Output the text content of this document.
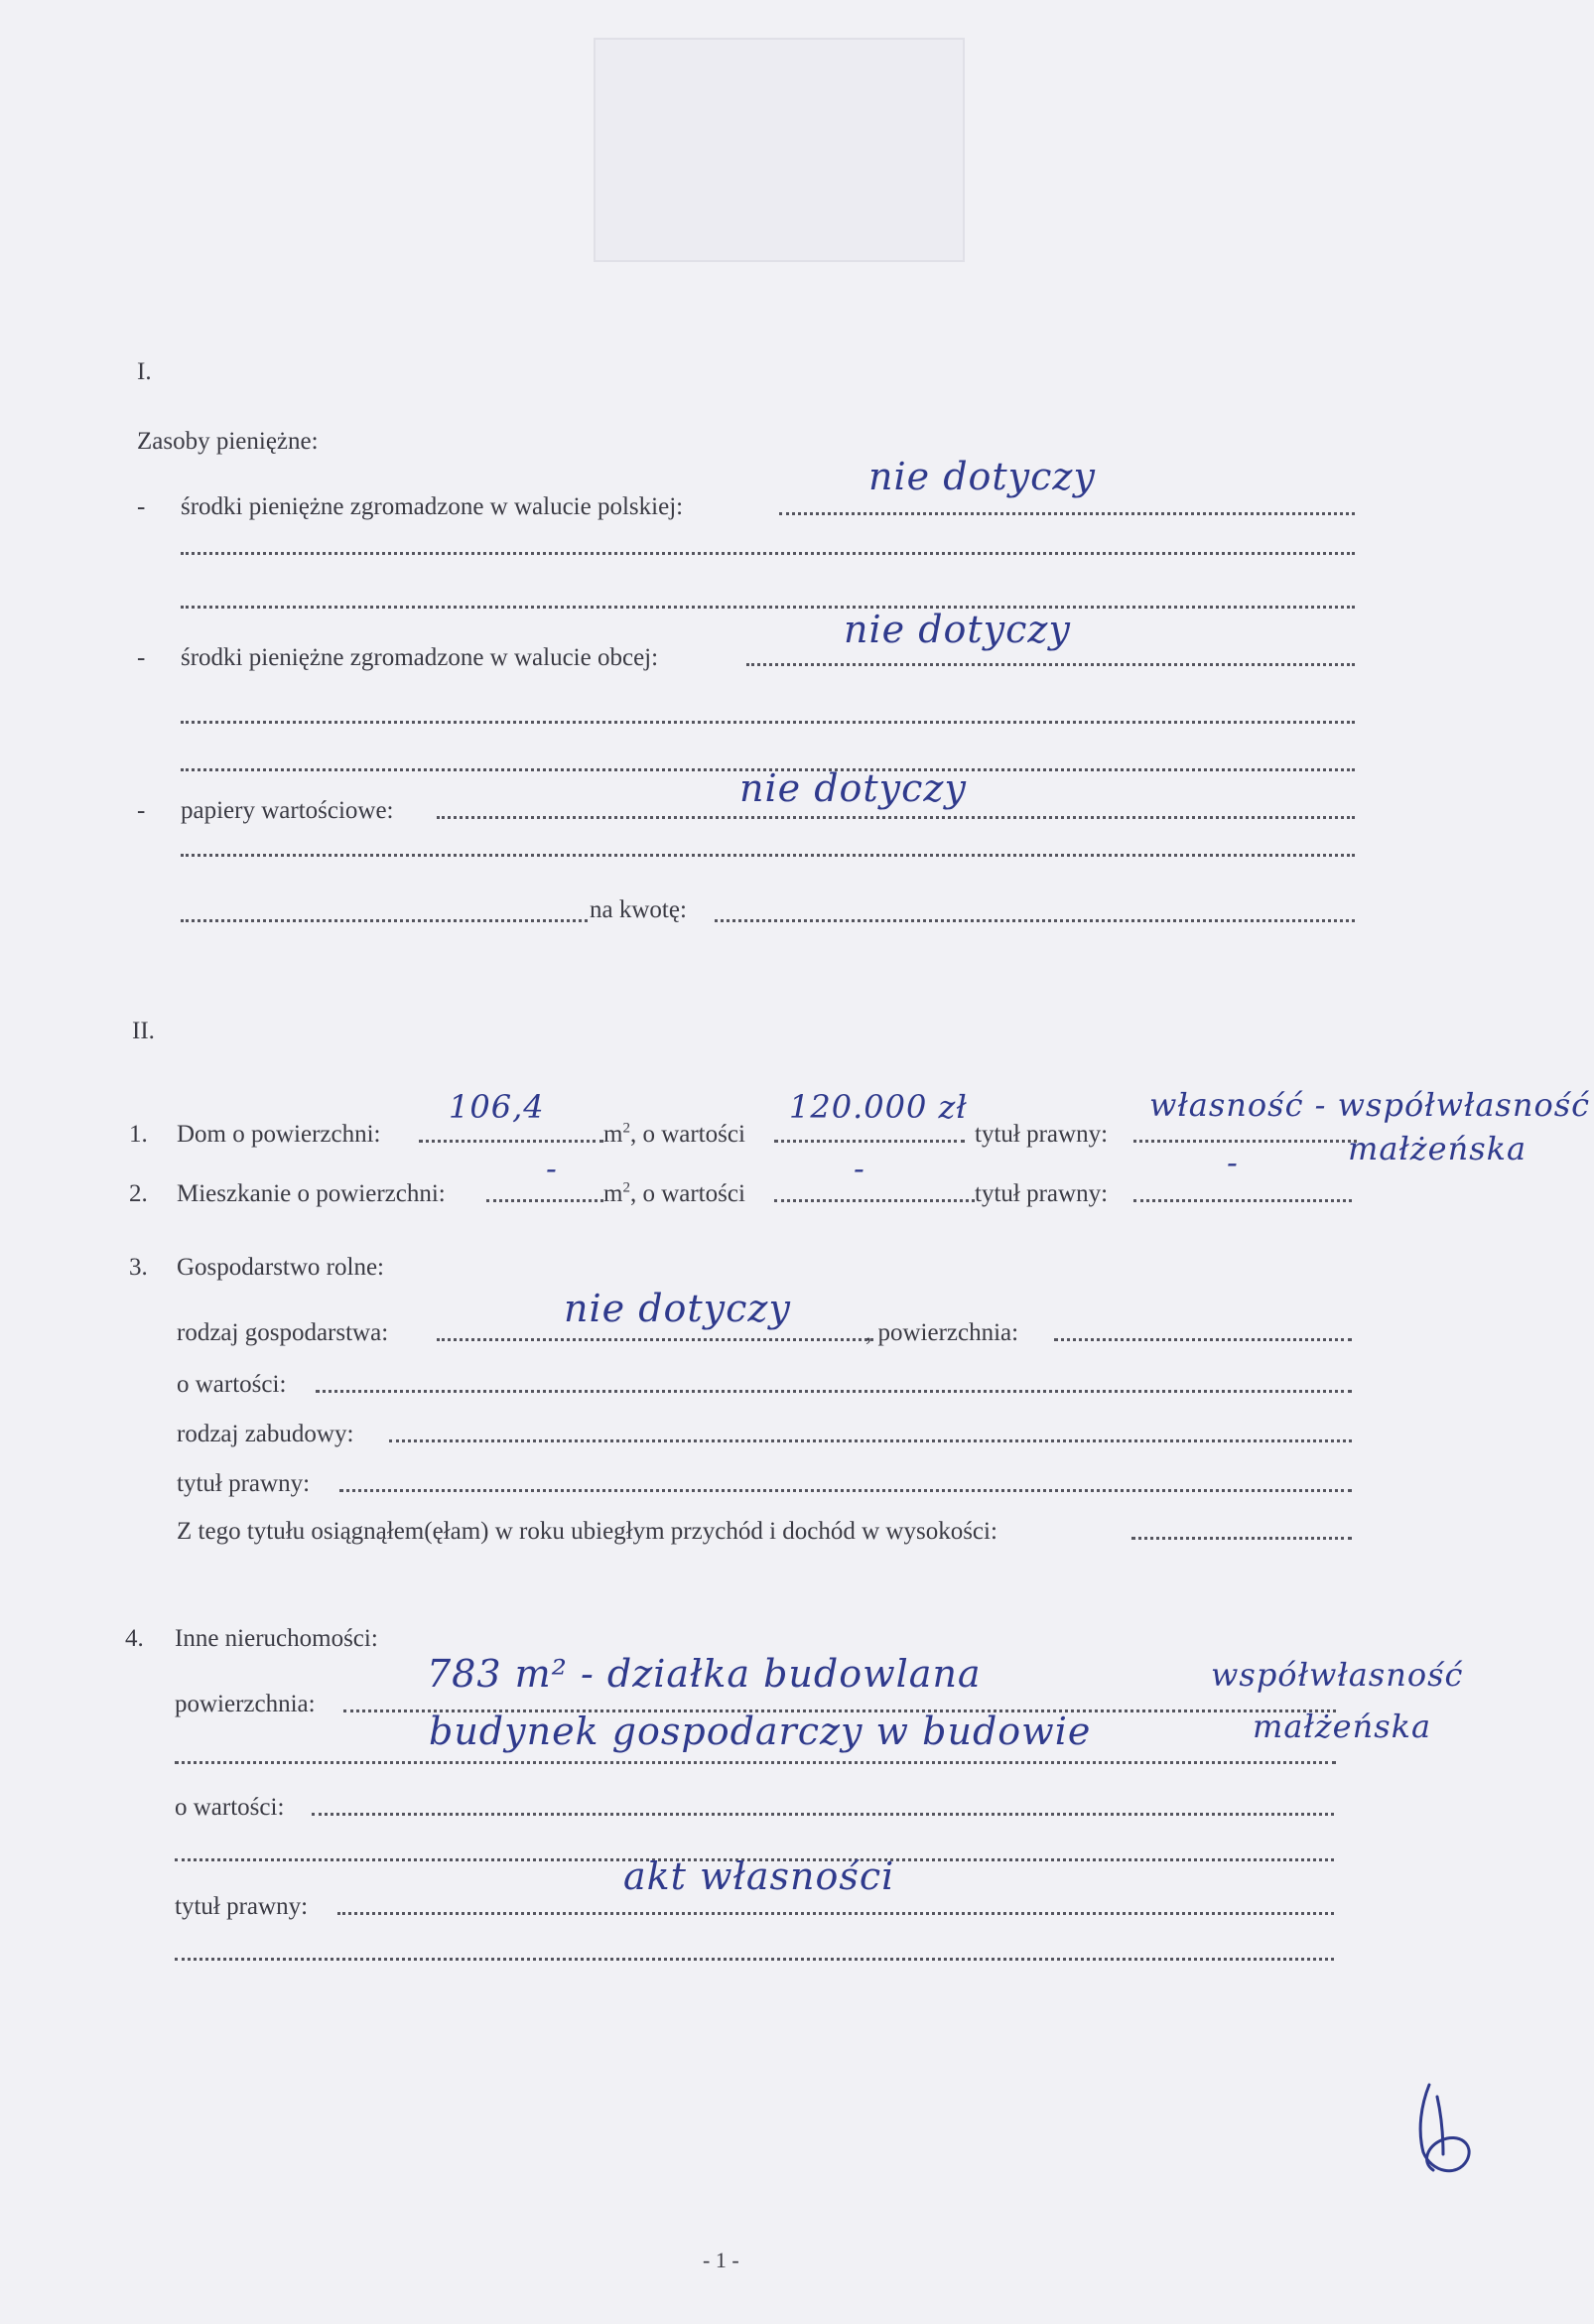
I.
Zasoby pieniężne:
- środki pieniężne zgromadzone w walucie polskiej:
nie dotyczy
- środki pieniężne zgromadzone w walucie obcej:
nie dotyczy
- papiery wartościowe:
nie dotyczy
na kwotę:
II.
1. Dom o powierzchni:
106,4
$m^2$, o wartości
120.000 zł
tytuł prawny:
własność - współwłasność
małżeńska
2. Mieszkanie o powierzchni:
-
$m^2$, o wartości
-
tytuł prawny:
-
3. Gospodarstwo rolne:
rodzaj gospodarstwa:
nie dotyczy
, powierzchnia:
o wartości:
rodzaj zabudowy:
tytuł prawny:
Z tego tytułu osiągnąłem(ęłam) w roku ubiegłym przychód i dochód w wysokości:
4. Inne nieruchomości:
powierzchnia:
783 m² - działka budowlana	współwłasność
budynek gospodarczy w budowie	małżeńska
o wartości:
tytuł prawny:
akt własności
- 1 -
